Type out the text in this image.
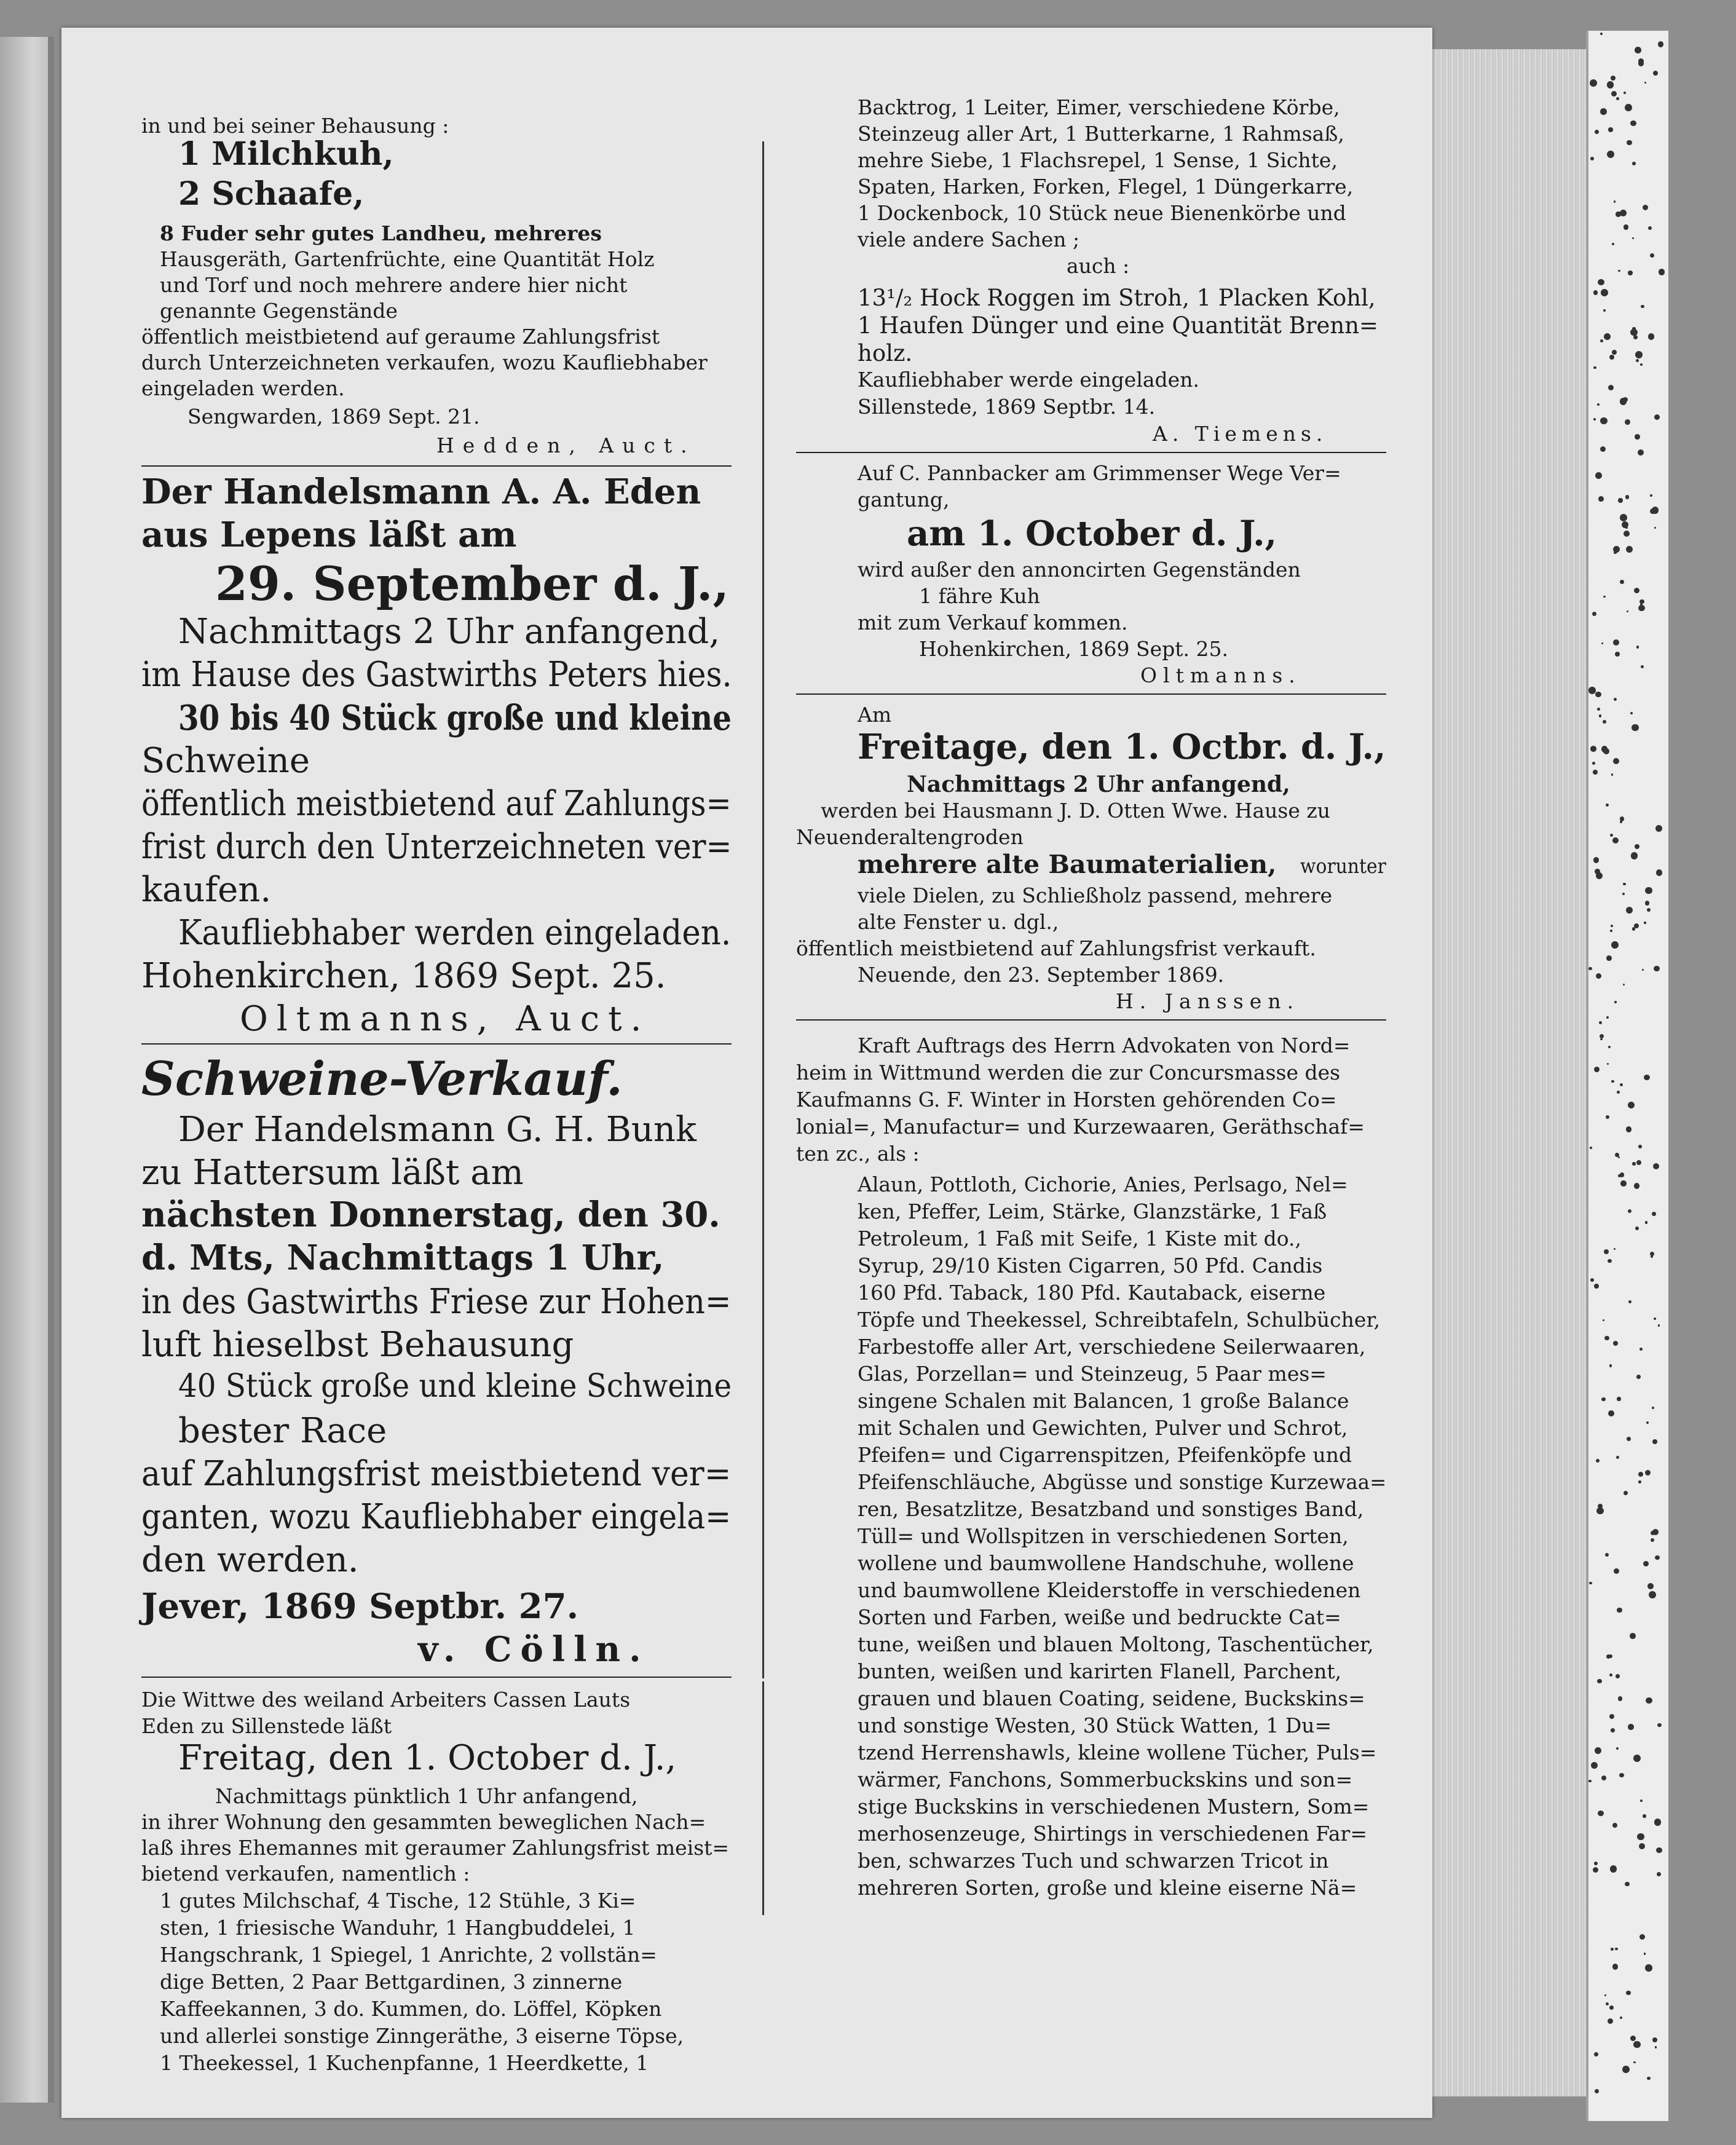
in und bei seiner Behausung :
1 Milchkuh,
2 Schaafe,
8 Fuder sehr gutes Landheu, mehreres
Hausgeräth, Gartenfrüchte, eine Quantität Holz
und Torf und noch mehrere andere hier nicht
genannte Gegenstände
öffentlich meistbietend auf geraume Zahlungsfrist
durch Unterzeichneten verkaufen, wozu Kaufliebhaber
eingeladen werden.
Sengwarden, 1869 Sept. 21.
Hedden, Auct.
Der Handelsmann A. A. Eden
aus Lepens läßt am
29. September d. J.,
Nachmittags 2 Uhr anfangend,
im Hause des Gastwirths Peters hies.
30 bis 40 Stück große und kleine
Schweine
öffentlich meistbietend auf Zahlungs=
frist durch den Unterzeichneten ver=
kaufen.
Kaufliebhaber werden eingeladen.
Hohenkirchen, 1869 Sept. 25.
Oltmanns, Auct.
Schweine-Verkauf.
Der Handelsmann G. H. Bunk
zu Hattersum läßt am
nächsten Donnerstag, den 30.
d. Mts, Nachmittags 1 Uhr,
in des Gastwirths Friese zur Hohen=
luft hieselbst Behausung
40 Stück große und kleine Schweine
bester Race
auf Zahlungsfrist meistbietend ver=
ganten, wozu Kaufliebhaber eingela=
den werden.
Jever, 1869 Septbr. 27.
v. Cölln.
Die Wittwe des weiland Arbeiters Cassen Lauts
Eden zu Sillenstede läßt
Freitag, den 1. October d. J.,
Nachmittags pünktlich 1 Uhr anfangend,
in ihrer Wohnung den gesammten beweglichen Nach=
laß ihres Ehemannes mit geraumer Zahlungsfrist meist=
bietend verkaufen, namentlich :
1 gutes Milchschaf, 4 Tische, 12 Stühle, 3 Ki=
sten, 1 friesische Wanduhr, 1 Hangbuddelei, 1
Hangschrank, 1 Spiegel, 1 Anrichte, 2 vollstän=
dige Betten, 2 Paar Bettgardinen, 3 zinnerne
Kaffeekannen, 3 do. Kummen, do. Löffel, Köpken
und allerlei sonstige Zinngeräthe, 3 eiserne Töpse,
1 Theekessel, 1 Kuchenpfanne, 1 Heerdkette, 1
Backtrog, 1 Leiter, Eimer, verschiedene Körbe,
Steinzeug aller Art, 1 Butterkarne, 1 Rahmsaß,
mehre Siebe, 1 Flachsrepel, 1 Sense, 1 Sichte,
Spaten, Harken, Forken, Flegel, 1 Düngerkarre,
1 Dockenbock, 10 Stück neue Bienenkörbe und
viele andere Sachen ;
auch :
13¹/₂ Hock Roggen im Stroh, 1 Placken Kohl,
1 Haufen Dünger und eine Quantität Brenn=
holz.
Kaufliebhaber werde eingeladen.
Sillenstede, 1869 Septbr. 14.
A. Tiemens.
Auf C. Pannbacker am Grimmenser Wege Ver=
gantung,
am 1. October d. J.,
wird außer den annoncirten Gegenständen
1 fähre Kuh
mit zum Verkauf kommen.
Hohenkirchen, 1869 Sept. 25.
Oltmanns.
Am
Freitage, den 1. Octbr. d. J.,
Nachmittags 2 Uhr anfangend,
werden bei Hausmann J. D. Otten Wwe. Hause zu
Neuenderaltengroden
mehrere alte Baumaterialien, worunter
viele Dielen, zu Schließholz passend, mehrere
alte Fenster u. dgl.,
öffentlich meistbietend auf Zahlungsfrist verkauft.
Neuende, den 23. September 1869.
H. Janssen.
Kraft Auftrags des Herrn Advokaten von Nord=
heim in Wittmund werden die zur Concursmasse des
Kaufmanns G. F. Winter in Horsten gehörenden Co=
lonial=, Manufactur= und Kurzewaaren, Geräthschaf=
ten zc., als :
Alaun, Pottloth, Cichorie, Anies, Perlsago, Nel=
ken, Pfeffer, Leim, Stärke, Glanzstärke, 1 Faß
Petroleum, 1 Faß mit Seife, 1 Kiste mit do.,
Syrup, 29/10 Kisten Cigarren, 50 Pfd. Candis
160 Pfd. Taback, 180 Pfd. Kautaback, eiserne
Töpfe und Theekessel, Schreibtafeln, Schulbücher,
Farbestoffe aller Art, verschiedene Seilerwaaren,
Glas, Porzellan= und Steinzeug, 5 Paar mes=
singene Schalen mit Balancen, 1 große Balance
mit Schalen und Gewichten, Pulver und Schrot,
Pfeifen= und Cigarrenspitzen, Pfeifenköpfe und
Pfeifenschläuche, Abgüsse und sonstige Kurzewaa=
ren, Besatzlitze, Besatzband und sonstiges Band,
Tüll= und Wollspitzen in verschiedenen Sorten,
wollene und baumwollene Handschuhe, wollene
und baumwollene Kleiderstoffe in verschiedenen
Sorten und Farben, weiße und bedruckte Cat=
tune, weißen und blauen Moltong, Taschentücher,
bunten, weißen und karirten Flanell, Parchent,
grauen und blauen Coating, seidene, Buckskins=
und sonstige Westen, 30 Stück Watten, 1 Du=
tzend Herrenshawls, kleine wollene Tücher, Puls=
wärmer, Fanchons, Sommerbuckskins und son=
stige Buckskins in verschiedenen Mustern, Som=
merhosenzeuge, Shirtings in verschiedenen Far=
ben, schwarzes Tuch und schwarzen Tricot in
mehreren Sorten, große und kleine eiserne Nä=
